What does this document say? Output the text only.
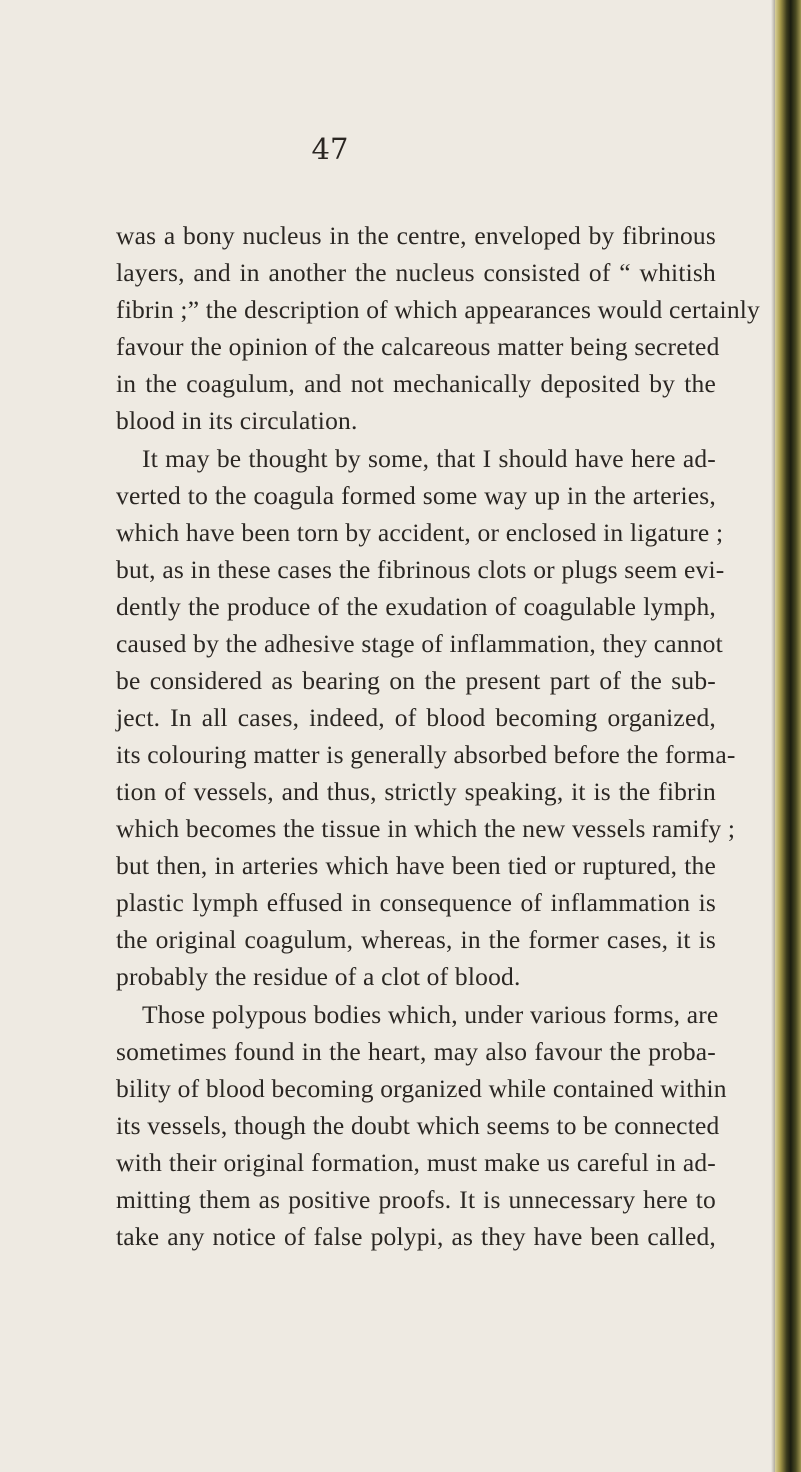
47
was a bony nucleus in the centre, enveloped by fibrinous
layers, and in another the nucleus consisted of “ whitish
fibrin ;” the description of which appearances would certainly
favour the opinion of the calcareous matter being secreted
in the coagulum, and not mechanically deposited by the
blood in its circulation.
It may be thought by some, that I should have here ad-
verted to the coagula formed some way up in the arteries,
which have been torn by accident, or enclosed in ligature ;
but, as in these cases the fibrinous clots or plugs seem evi-
dently the produce of the exudation of coagulable lymph,
caused by the adhesive stage of inflammation, they cannot
be considered as bearing on the present part of the sub-
ject. In all cases, indeed, of blood becoming organized,
its colouring matter is generally absorbed before the forma-
tion of vessels, and thus, strictly speaking, it is the fibrin
which becomes the tissue in which the new vessels ramify ;
but then, in arteries which have been tied or ruptured, the
plastic lymph effused in consequence of inflammation is
the original coagulum, whereas, in the former cases, it is
probably the residue of a clot of blood.
Those polypous bodies which, under various forms, are
sometimes found in the heart, may also favour the proba-
bility of blood becoming organized while contained within
its vessels, though the doubt which seems to be connected
with their original formation, must make us careful in ad-
mitting them as positive proofs. It is unnecessary here to
take any notice of false polypi, as they have been called,
